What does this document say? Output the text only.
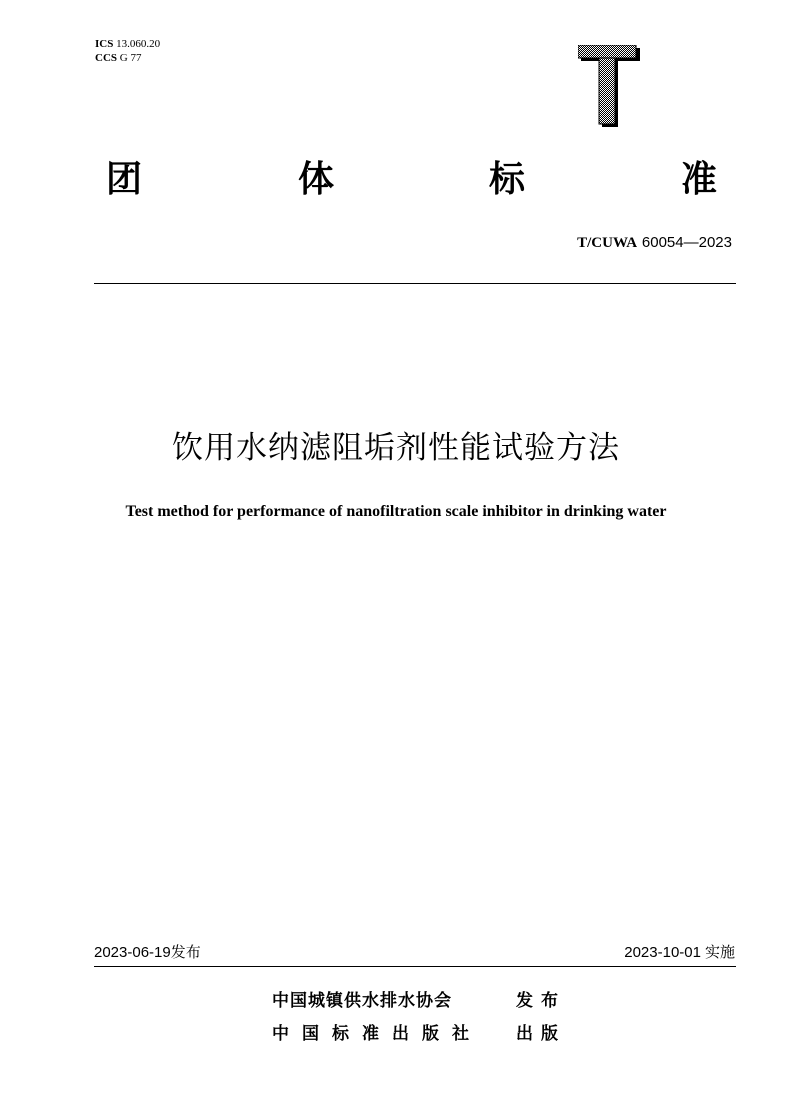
ICS 13.060.20
CCS G 77
团	体	标	准
T/CUWA 60054—2023
饮用水纳滤阻垢剂性能试验方法
Test method for performance of nanofiltration scale inhibitor in drinking water
2023-06-19发布	2023-10-01 实施
中国城镇供水排水协会	发布
中国标准出版社 出版
